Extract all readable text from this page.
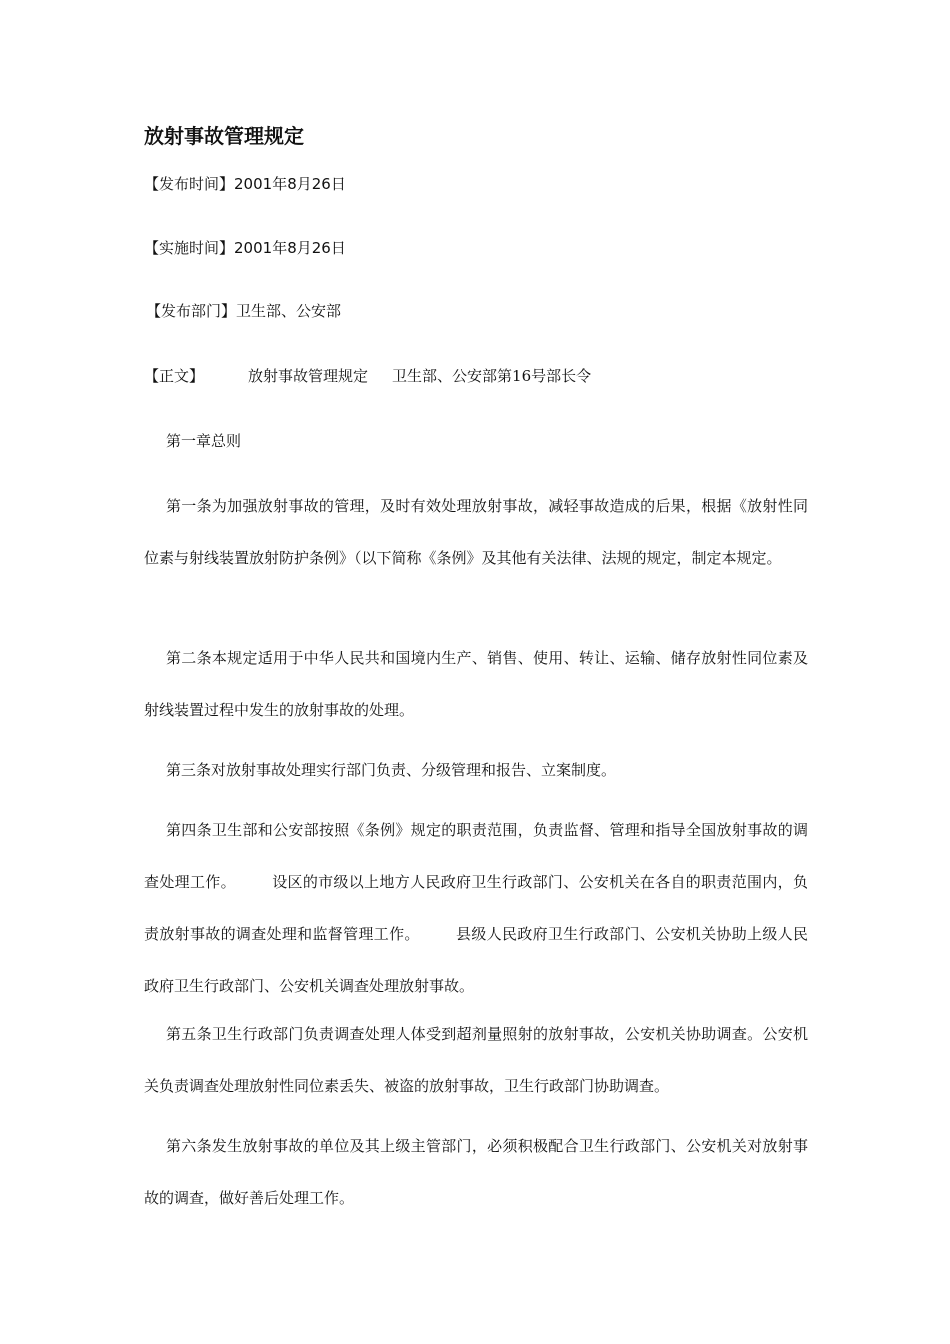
放射事故管理规定
【发布时间】2001年8月26日
【实施时间】2001年8月26日
【发布部门】卫生部、公安部
【正文】	放射事故管理规定 卫生部、公安部第16号部长令
第一章总则
第一条为加强放射事故的管理，及时有效处理放射事故，减轻事故造成的后果，根据《放射性同位素与射线装置放射防护条例》（以下简称《条例》及其他有关法律、法规的规定，制定本规定。
第二条本规定适用于中华人民共和国境内生产、销售、使用、转让、运输、储存放射性同位素及射线装置过程中发生的放射事故的处理。
第三条对放射事故处理实行部门负责、分级管理和报告、立案制度。
第四条卫生部和公安部按照《条例》规定的职责范围，负责监督、管理和指导全国放射事故的调查处理工作。 设区的市级以上地方人民政府卫生行政部门、公安机关在各自的职责范围内，负责放射事故的调查处理和监督管理工作。 县级人民政府卫生行政部门、公安机关协助上级人民政府卫生行政部门、公安机关调查处理放射事故。
第五条卫生行政部门负责调查处理人体受到超剂量照射的放射事故，公安机关协助调查。公安机关负责调查处理放射性同位素丢失、被盗的放射事故，卫生行政部门协助调查。
第六条发生放射事故的单位及其上级主管部门，必须积极配合卫生行政部门、公安机关对放射事故的调查，做好善后处理工作。
